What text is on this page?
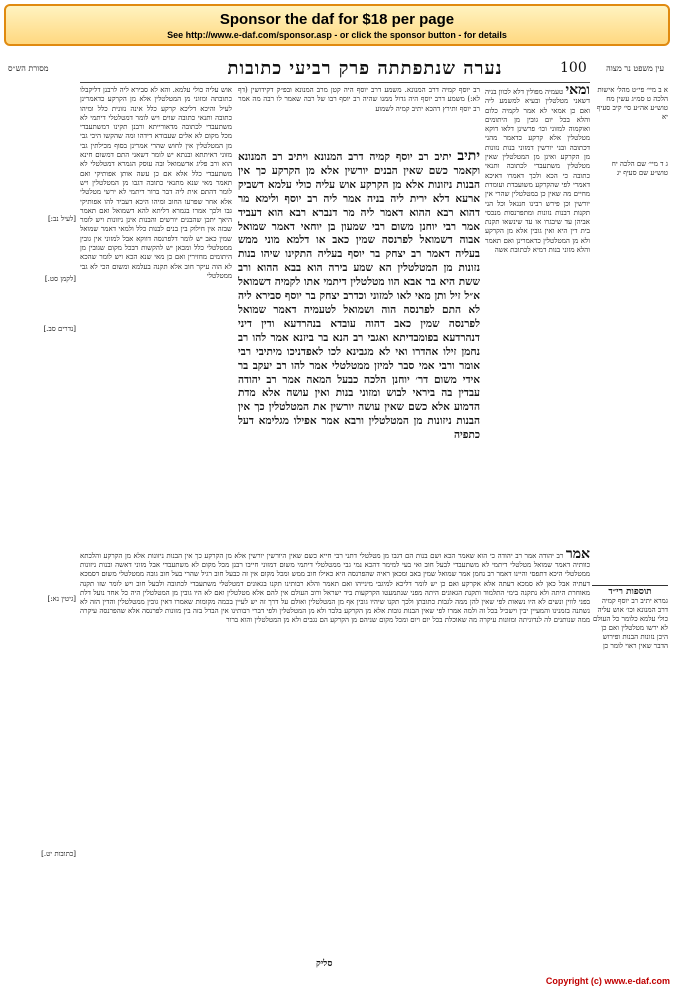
Sponsor the daf for $18 per page
See http://www.e-daf.com/sponsor.asp - or click the sponsor button - for details
עין משפט נר מצוה
100
נערה שנתפתתה פרק רביעי כתובות
מסורת הש״ס
ומאי טעמיה מפולין דלא לכוון בניה דשאני מטלטלין ובעיא למשמע ליה ואם כן אמאי לא אמר לקמיה כלום והלא בכל יום גובין מן היתומים ואוקמוה למזוני וכו׳ פרשינן דלאו דוקא מטלטלין אלא קרקע כדאמר מהני דכתובה ובני יורשין דמזוני בנות נזונות מן הקרקע ואינן מן המטלטלין שאין מטלטלין משתעבדי לכתובה ותנאי כתובה כי הכא ולכך דאמרו דאיכא דאמרי לפי שהקרקע משועבדת ועומדת מחיים מה שאין כן במטלטלין שהרי אין יורשין וכן פירש רבינו חננאל וכל הני תקנות דבנות נזונות ומתפרנסות מנכסי אביהן עד שיבגרו או עד שינשאו תקנת בית דין היא ואין גובין אלא מן הקרקע ולא מן המטלטלין כדאמרינן ואם תאמר והלא מזוני בנות דמיא לכתובת אשה
רב יוסף קמיה דרב המנונא. משמע דרב יוסף היה קטן מרב המנונא ובפ״ק דקידושין (דף לא:) משמע דרב יוסף היה גדול ממנו שהיה רב יוסף רבו של רבה שאמר לו רבה מה אמר רב יוסף ותירץ דהכא יתיב קמיה לשמוע
יתיב יתיב רב יוסף קמיה דרב המנונא ויתיב רב המנונא וקאמר כשם שאין הבנים יורשין אלא מן הקרקע כך אין הבנות ניזונות אלא מן הקרקע אוש עליה כולי עלמא דשביק ארעא דלא ירית ליה בניה אמר ליה רב יוסף ולימא מר דהוא רבא ההוא דאמר ליה מר דנברא רבא הוא דעביד אמר רבי יוחנן משום רבי שמעון בן יוחאי דאמר שמואל אבוה דשמואל לפרנסה שמין כאב או דלמא מוני ממש בעליה דאמר רב יצחק בר יוסף בעליה התקינו שיהו בנות נזונות מן המטלטלין הא שמע בירה הוא בבא ההוא ורב ששת היא בר אבא הוו מטלטלין דיתמי אתו לקמיה דשמואל א״ל זיל ותן מאי לאו למזוני וכדרב יצחק בר יוסף סבירא ליה לא התם לפרנסה הוה ושמואל לטעמיה דאמר שמואל לפרנסה שמין כאב דהוה עובדא בנהרדעא ודין דיני דנהרדעא בפומבדיתא ואגבי רב הנא בר ביזנא אמר להו רב נחמן זילו אהדרו ואי לא מגבינא לכו לאפדניכו מיתיבי רבי אומר ורבי אמי סבר למיזן ממטלטלי אמר להו רב יעקב בר אידי משום דר׳ יוחנן הלכה כבעל המאה אמר רב יהודה עבדין בה ביראי לבוש ומזוני בנות ואין עושה אלא מדת הדמוע אלא כשם שאין עושה יורשין את המטלטלין כך אין הבנות ניזונות מן המטלטלין ורבא אמר אפילו מגלימא דעל כתפיה
אוש עליה כולי עלמא. והא לא סבירא ליה לרבנן דליקבלו כתובתה ומזוני מן המטלטלין אלא מן הקרקע כדאמרינן לעיל והיכא דליכא קרקע כלל אינה נזונית כלל ומיהו כתובה ותנאי כתובה שוים ויש לומר דמטלטלי דיתמי לא משתעבדי לכתובה מדאורייתא ורבנן תקינו דמשתעבדי מכל מקום לא אלים שעבודא דידהו ומה שהקשו היכי גבי מן המטלטלין אין לחוש שהרי אמרינן בסוף מכילתין גבי מזוני דאיתתא ובנתא יש לומר דשאני התם דמשום חינא הוא ורב פליג אדשמואל ובה עוסק הגמרא דמטלטלי לא משתעבדי כלל אלא אם כן עשה אותן אפותיקי ואם תאמר מאי שנא מתנאי כתובה דגבו מן המטלטלין ויש לומר דהתם אית ליה דבר ברור דיתמי לא ירשי מטלטלי אלא אחר שפרעו החוב ומיהו היכא דעביד להו אפותיקי גבו ולכך אמרו בגמרא דליתא להא דשמואל ואם תאמר היאך יתכן שהבנים יורשים והבנות אינן ניזונות ויש לומר שבזה אין חילוק בין בנים לבנות כלל ולמאי דאמר שמואל שמין כאב יש לומר דלפרנסה דווקא אבל למזוני אין גובין ממטלטלי כלל ומכאן יש להקשות דבכל מקום שגובין מן היתומים מחזירין ואם כן מאי שנא הכא ויש לומר שהכא לא הוה עיקר חוב אלא תקנה בעלמא ומשום הכי לא גבי ממטלטלי
אמר רב יהודה אמר רב יהודה כי הוא שאמר הכא ושם בנות הם דגבו מן מטלטלי דתני רבי חייא כשם שאין היורשין יורשין אלא מן הקרקע כך אין הבנות ניזונות אלא מן הקרקע והלכתא כוותיה דאמר שמואל מטלטלי דיתמי לא משתעבדי לבעל חוב ואי בעי למימר דהכא נמי גבי ממטלטלי דיתמי משום דמזוני חייבו רבנן מכל מקום לא משתעבדי אבל מזוני דאשה ובנות ניזונות ממטלטלי היכא דתפסי והיינו דאמר רב נחמן אמר שמואל שמין באב ומכאן ראיה שהפרנסה היא כאילו חוב ממש ומכל מקום אין זה כבעל חוב רגיל שהרי בעל חוב גובה ממטלטלי משום דסמכא דעתיה אבל כאן לא סמכא דעתה אלא אקרקע ואם כן יש לומר דליכא למיגבי מינייהו ואם תאמר והלא רבותינו תקנו בגאונים דמטלטלי משתעבדי לכתובה ולבעל חוב ויש לומר שזו תקנה מאוחרת היתה ולא נתקנה בימי התלמוד ותקנת הגאונים היתה מפני שנתמעטו הקרקעות ביד ישראל ורוב העולם אין להם אלא מטלטלין ואם לא היו גובין מן המטלטלין היה כל אחד נועל דלת בפני לווין ונשים לא היו נשאות לפי שאין להן ממה לגבות כתובתן ולכך תקנו שיהיו גובין אף מן המטלטלין ואולם על דרך זה יש לעיין בכמה מקומות שאמרו דאין גובין ממטלטלין והדין הזה לא נשתנה בזמנינו והמעיין יבין וישכיל בכל זה ולמה אמרו לפי שאין הבנות גובות אלא מן הקרקע בלבד ולא מן המטלטלין ולפי דברי רבותינו אין הבדל בזה בין מזונות לפרנסה אלא שהפרנסה עיקרה ממה שנותנים לה לנדוניתה ומזונות עיקרה מה שאוכלת בכל יום ויום ומכל מקום שניהם מן הקרקע הם נגבים ולא מן המטלטלין והוא ברור
א ב מיי׳ פי״ט מהל׳ אישות הלכה ט סמ״ג עשין מח טוש״ע אה״ע סי׳ קיב סעיף יא
ג ד מיי׳ שם הלכה יח טוש״ע שם סעיף יג
תוספות רי״ד
גמרא יתיב רב יוסף קמיה דרב המנונא וכו׳ אוש עליה כולי עלמא כלומר כל העולם לא ירשו מטלטלין ואם כן היכן נזונות הבנות ופירוש הדבר שאין ראוי לומר כן
[לעיל נב:]
[לקמן סט.]
[נדרים סב.]
[גיטין נא:]
[כתובות יט.]
סליק
Copyright (c) www.e-daf.com
